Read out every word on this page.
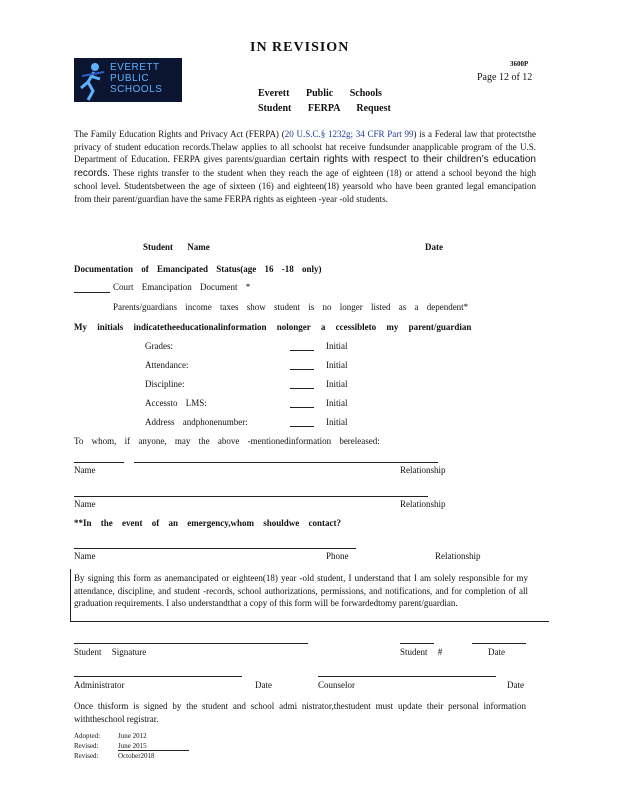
IN REVISION
3600P
Page 12 of 12
EVERETT
PUBLIC
SCHOOLS	Everett Public Schools
Student FERPA Request
The Family Education Rights and Privacy Act (FERPA) (20 U.S.C.§ 1232g; 34 CFR Part 99) is a Federal law that protectsthe privacy of student education records.Thelaw applies to all schoolst hat receive fundsunder anapplicable program of the U.S. Department of Education. FERPA gives parents/guardian certain rights with respect to their children’s education records. These rights transfer to the student when they reach the age of eighteen (18) or attend a school beyond the high school level. Studentsbetween the age of sixteen (16) and eighteen(18) yearsold who have been granted legal emancipation from their parent/guardian have the same FERPA rights as eighteen -year -old students.
Student Name	Date
Documentation of Emancipated Status(age 16 -18 only)
Court Emancipation Document *
Parents/guardians income taxes show student is no longer listed as a dependent*
My initials indicatetheeducationalinformation nolonger a ccessibleto my parent/guardian
Grades:	Initial
Attendance:	Initial
Discipline:	Initial
Accessto LMS:	Initial
Address andphonenumber:	Initial
To whom, if anyone, may the above -mentionedinformation bereleased:
Name	Relationship
Name	Relationship
**In the event of an emergency,whom shouldwe contact?
Name	Phone	Relationship
By signing this form as anemancipated or eighteen(18) year -old student, I understand that I am solely responsible for my attendance, discipline, and student -records, school authorizations, permissions, and notifications, and for completion of all graduation requirements. I also understandthat a copy of this form will be forwardedtomy parent/guardian.
Student Signature	Student #	Date
Administrator	Date	Counselor	Date
Once thisform is signed by the student and school admi nistrator,thestudent must update their personal information withtheschool registrar.
Adopted:	June 2012
Revised:	June 2015
Revised:	October2018
